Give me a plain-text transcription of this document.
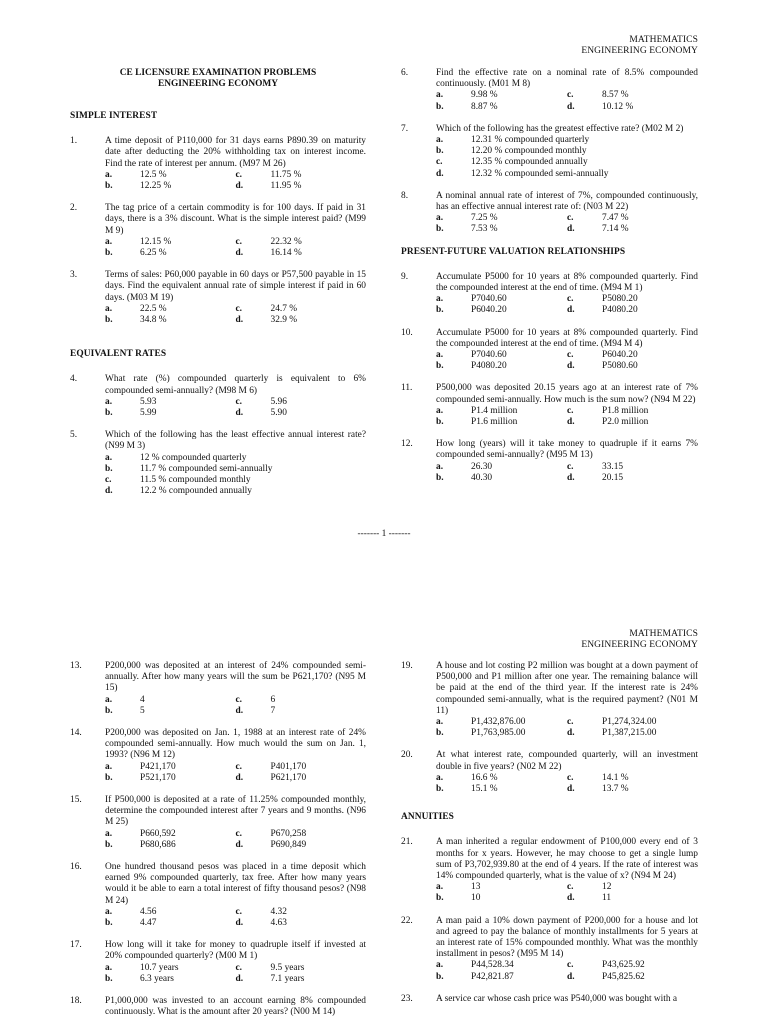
MATHEMATICS
ENGINEERING ECONOMY
CE LICENSURE EXAMINATION PROBLEMS
ENGINEERING ECONOMY
SIMPLE INTEREST
1.	A time deposit of P110,000 for 31 days earns P890.39 on maturity date after deducting the 20% withholding tax on interest income. Find the rate of interest per annum. (M97 M 26)
a.	12.5 %	c.	11.75 %
b.	12.25 %	d.	11.95 %
2.	The tag price of a certain commodity is for 100 days. If paid in 31 days, there is a 3% discount. What is the simple interest paid? (M99 M 9)
a.	12.15 %	c.	22.32 %
b.	6.25 %	d.	16.14 %
3.	Terms of sales: P60,000 payable in 60 days or P57,500 payable in 15 days. Find the equivalent annual rate of simple interest if paid in 60 days. (M03 M 19)
a.	22.5 %	c.	24.7 %
b.	34.8 %	d.	32.9 %
EQUIVALENT RATES
4.	What rate (%) compounded quarterly is equivalent to 6% compounded semi-annually? (M98 M 6)
a.	5.93	c.	5.96
b.	5.99	d.	5.90
5.	Which of the following has the least effective annual interest rate? (N99 M 3)
a.	12 % compounded quarterly
b.	11.7 % compounded semi-annually
c.	11.5 % compounded monthly
d.	12.2 % compounded annually
6.	Find the effective rate on a nominal rate of 8.5% compounded continuously. (M01 M 8)
a.	9.98 %	c.	8.57 %
b.	8.87 %	d.	10.12 %
7.	Which of the following has the greatest effective rate? (M02 M 2)
a.	12.31 % compounded quarterly
b.	12.20 % compounded monthly
c.	12.35 % compounded annually
d.	12.32 % compounded semi-annually
8.	A nominal annual rate of interest of 7%, compounded continuously, has an effective annual interest rate of: (N03 M 22)
a.	7.25 %	c.	7.47 %
b.	7.53 %	d.	7.14 %
PRESENT-FUTURE VALUATION RELATIONSHIPS
9.	Accumulate P5000 for 10 years at 8% compounded quarterly. Find the compounded interest at the end of time. (M94 M 1)
a.	P7040.60	c.	P5080.20
b.	P6040.20	d.	P4080.20
10. Accumulate P5000 for 10 years at 8% compounded quarterly. Find the compounded interest at the end of time. (M94 M 4)
a.	P7040.60	c.	P6040.20
b.	P4080.20	d.	P5080.60
11.	P500,000 was deposited 20.15 years ago at an interest rate of 7% compounded semi-annually. How much is the sum now? (N94 M 22)
a.	P1.4 million	c.	P1.8 million
b.	P1.6 million	d.	P2.0 million
12. How long (years) will it take money to quadruple if it earns 7% compounded semi-annually? (M95 M 13)
a.	26.30	c.	33.15
b.	40.30	d.	20.15
------- 1 -------
MATHEMATICS
ENGINEERING ECONOMY
13. P200,000 was deposited at an interest of 24% compounded semi-annually. After how many years will the sum be P621,170? (N95 M 15)
a.	4	c.	6
b.	5	d.	7
14. P200,000 was deposited on Jan. 1, 1988 at an interest rate of 24% compounded semi-annually. How much would the sum on Jan. 1, 1993? (N96 M 12)
a.	P421,170	c.	P401,170
b.	P521,170	d.	P621,170
15. If P500,000 is deposited at a rate of 11.25% compounded monthly, determine the compounded interest after 7 years and 9 months. (N96 M 25)
a.	P660,592	c.	P670,258
b.	P680,686	d.	P690,849
16. One hundred thousand pesos was placed in a time deposit which earned 9% compounded quarterly, tax free. After how many years would it be able to earn a total interest of fifty thousand pesos? (N98 M 24)
a.	4.56	c.	4.32
b.	4.47	d.	4.63
17. How long will it take for money to quadruple itself if invested at 20% compounded quarterly? (M00 M 1)
a.	10.7 years	c.	9.5 years
b.	6.3 years	d.	7.1 years
18. P1,000,000 was invested to an account earning 8% compounded continuously. What is the amount after 20 years? (N00 M 14)
19. A house and lot costing P2 million was bought at a down payment of P500,000 and P1 million after one year. The remaining balance will be paid at the end of the third year. If the interest rate is 24% compounded semi-annually, what is the required payment? (N01 M 11)
a.	P1,432,876.00	c.	P1,274,324.00
b.	P1,763,985.00	d.	P1,387,215.00
20. At what interest rate, compounded quarterly, will an investment double in five years? (N02 M 22)
a.	16.6 %	c.	14.1 %
b.	15.1 %	d.	13.7 %
ANNUITIES
21. A man inherited a regular endowment of P100,000 every end of 3 months for x years. However, he may choose to get a single lump sum of P3,702,939.80 at the end of 4 years. If the rate of interest was 14% compounded quarterly, what is the value of x? (N94 M 24)
a.	13	c.	12
b.	10	d.	11
22. A man paid a 10% down payment of P200,000 for a house and lot and agreed to pay the balance of monthly installments for 5 years at an interest rate of 15% compounded monthly. What was the monthly installment in pesos? (M95 M 14)
a.	P44,528.34	c.	P43,625.92
b.	P42,821.87	d.	P45,825.62
23. A service car whose cash price was P540,000 was bought with a
